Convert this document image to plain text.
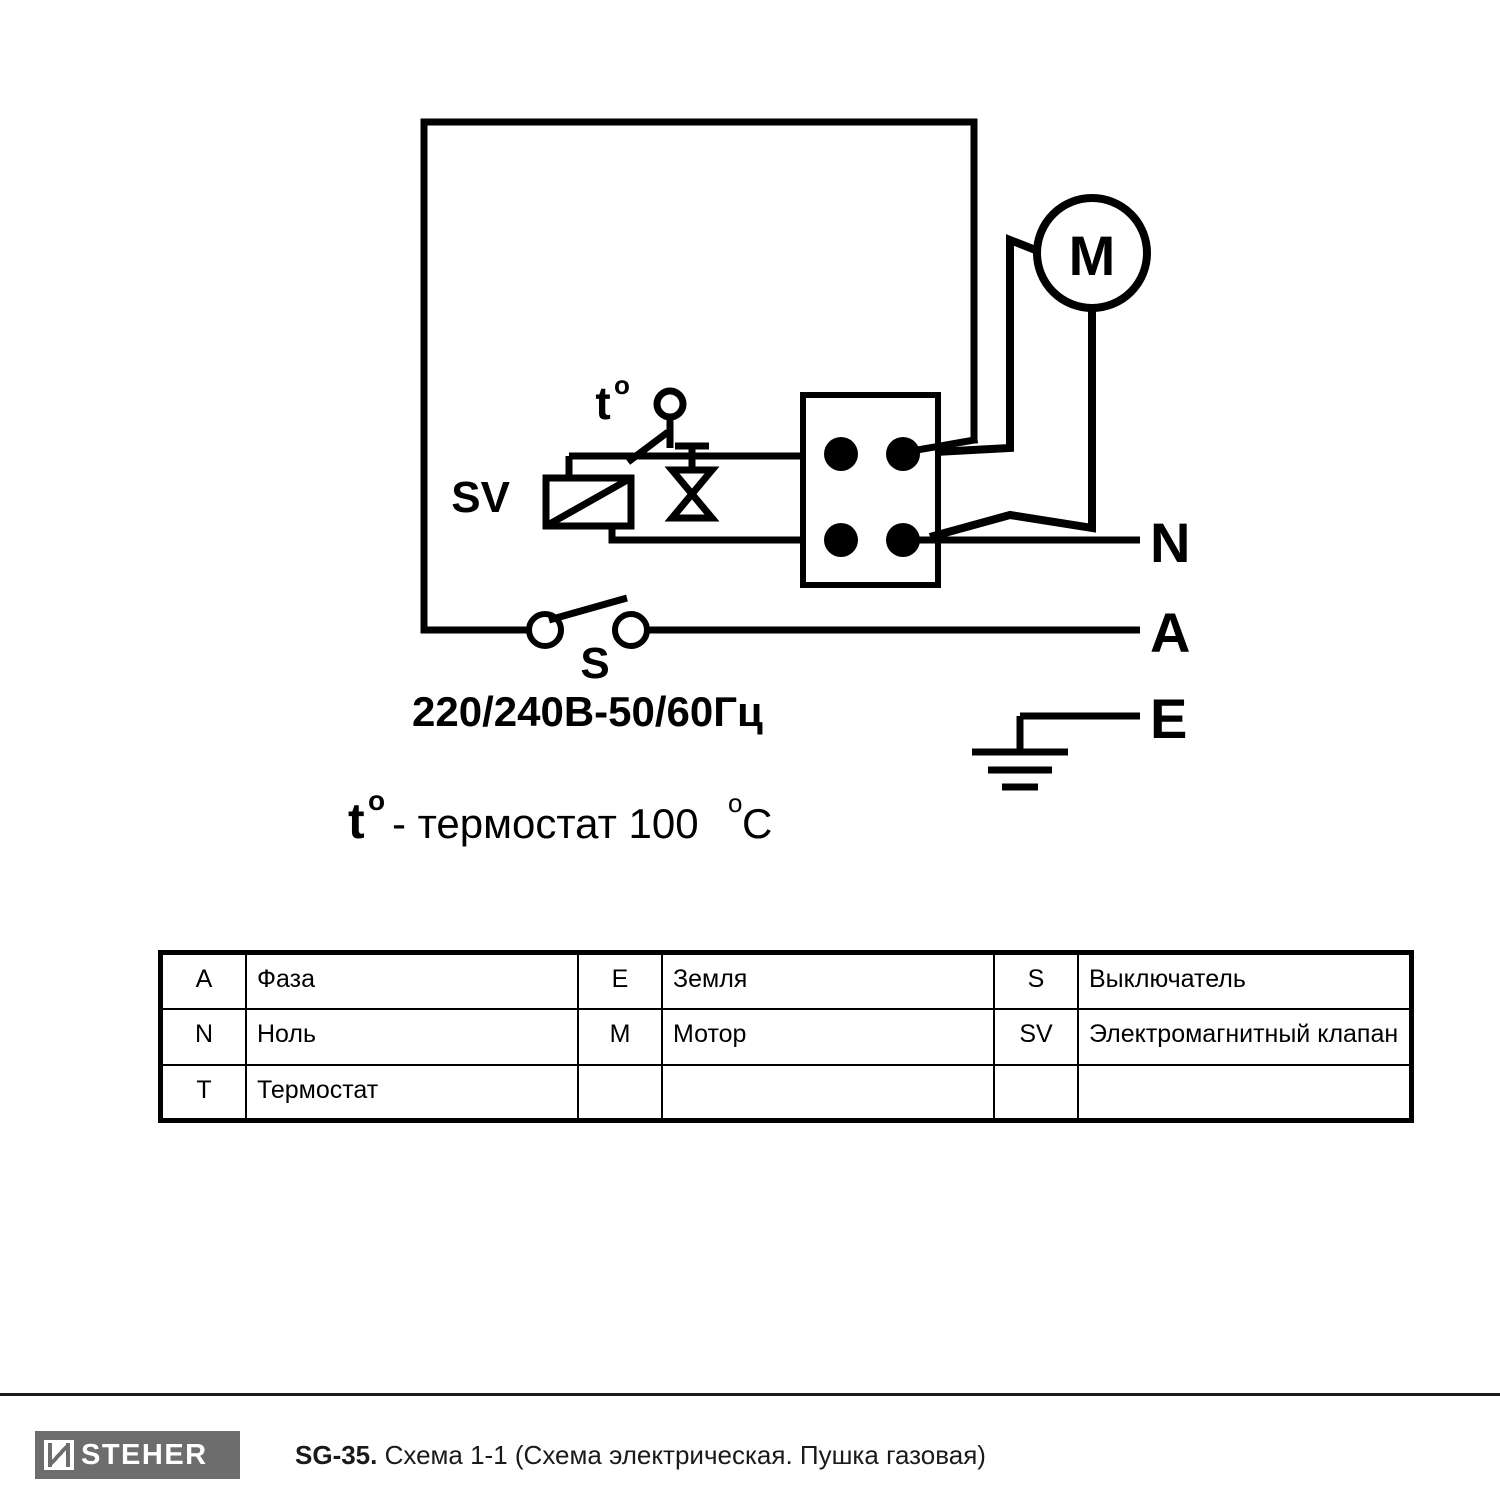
M
S
SV
t o
N
A
E
220/240В-50/60Гц
t o - термостат 100 o C
A	Фаза	E	Земля	S	Выключатель
N	Ноль	M	Мотор	SV	Электромагнитный клапан
T	Термостат				
STEHER	SG-35. Схема 1-1 (Схема электрическая. Пушка газовая)
